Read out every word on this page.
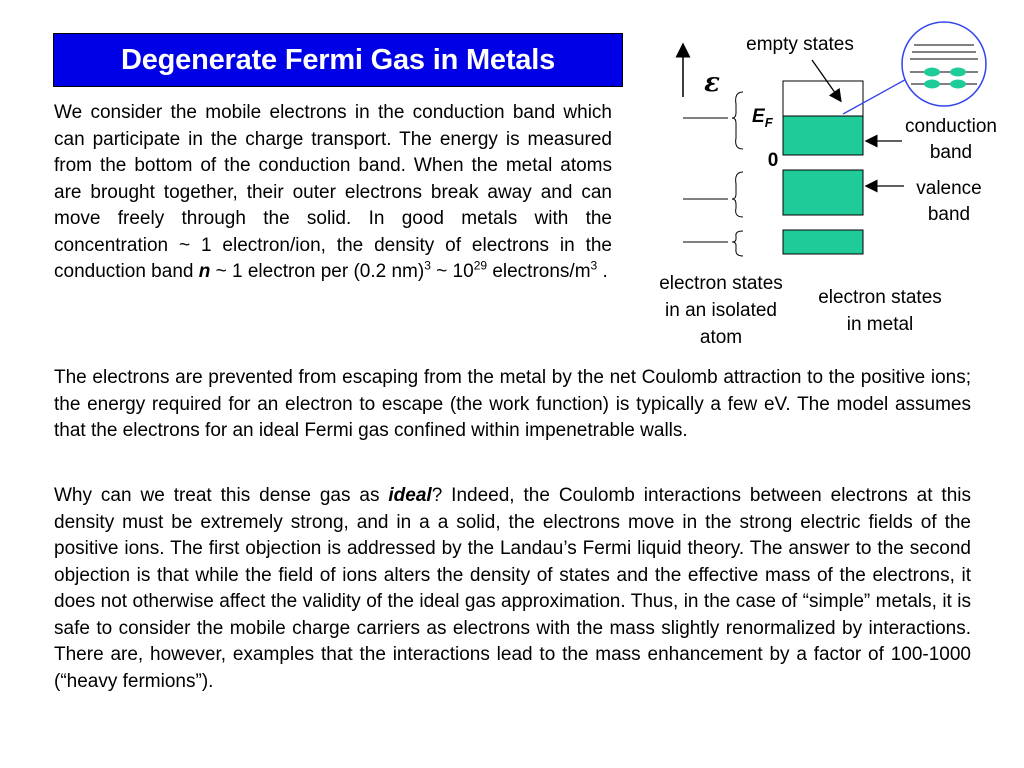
Degenerate Fermi Gas in Metals

We consider the mobile electrons in the conduction band which can participate in the charge transport. The energy is measured from the bottom of the conduction band. When the metal atoms are brought together, their outer electrons break away and can move freely through the solid. In good metals with the concentration ~ 1 electron/ion, the density of electrons in the conduction band n ~ 1 electron per (0.2 nm)$^3$ ~ $10^{29}$ electrons/$m^3$ .

The electrons are prevented from escaping from the metal by the net Coulomb attraction to the positive ions; the energy required for an electron to escape (the work function) is typically a few eV. The model assumes that the electrons for an ideal Fermi gas confined within impenetrable walls.

Why can we treat this dense gas as ideal? Indeed, the Coulomb interactions between electrons at this density must be extremely strong, and in a a solid, the electrons move in the strong electric fields of the positive ions. The first objection is addressed by the Landau’s Fermi liquid theory. The answer to the second objection is that while the field of ions alters the density of states and the effective mass of the electrons, it does not otherwise affect the validity of the ideal gas approximation. Thus, in the case of “simple” metals, it is safe to consider the mobile charge carriers as electrons with the mass slightly renormalized by interactions. There are, however, examples that the interactions lead to the mass enhancement by a factor of 100-1000 (“heavy fermions”).

empty states
ε
$E_F$
0
conduction
band
valence
band
electron states
in an isolated
atom
electron states
in metal
